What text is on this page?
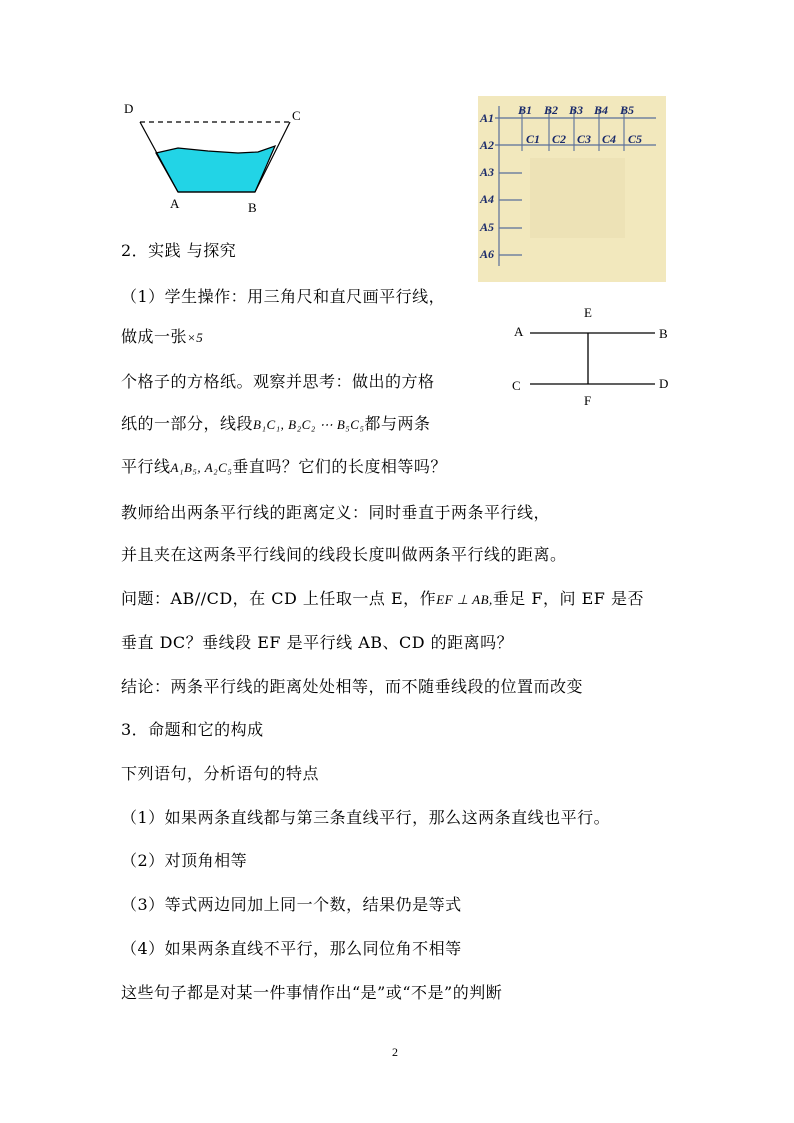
D	C
A	B
B1 B2 B3 B4 B5
C1 C2 C3 C4 C5
A1
A2
A3
A4
A5
A6
A	B
C	D
E
F
2．实践 与探究
（1）学生操作：用三角尺和直尺画平行线，
做成一张×5
个格子的方格纸。观察并思考：做出的方格
纸的一部分，线段B₁C₁, B₂C₂ ⋯ B₅C₅都与两条
平行线A₁B₅, A₂C₅垂直吗？它们的长度相等吗？
教师给出两条平行线的距离定义：同时垂直于两条平行线，
并且夹在这两条平行线间的线段长度叫做两条平行线的距离。
问题：AB//CD，在 CD 上任取一点 E，作EF ⊥ AB,垂足 F，问 EF 是否
垂直 DC？垂线段 EF 是平行线 AB、CD 的距离吗？
结论：两条平行线的距离处处相等，而不随垂线段的位置而改变
3．命题和它的构成
下列语句，分析语句的特点
（1）如果两条直线都与第三条直线平行，那么这两条直线也平行。
（2）对顶角相等
（3）等式两边同加上同一个数，结果仍是等式
（4）如果两条直线不平行，那么同位角不相等
这些句子都是对某一件事情作出“是”或“不是”的判断
2
